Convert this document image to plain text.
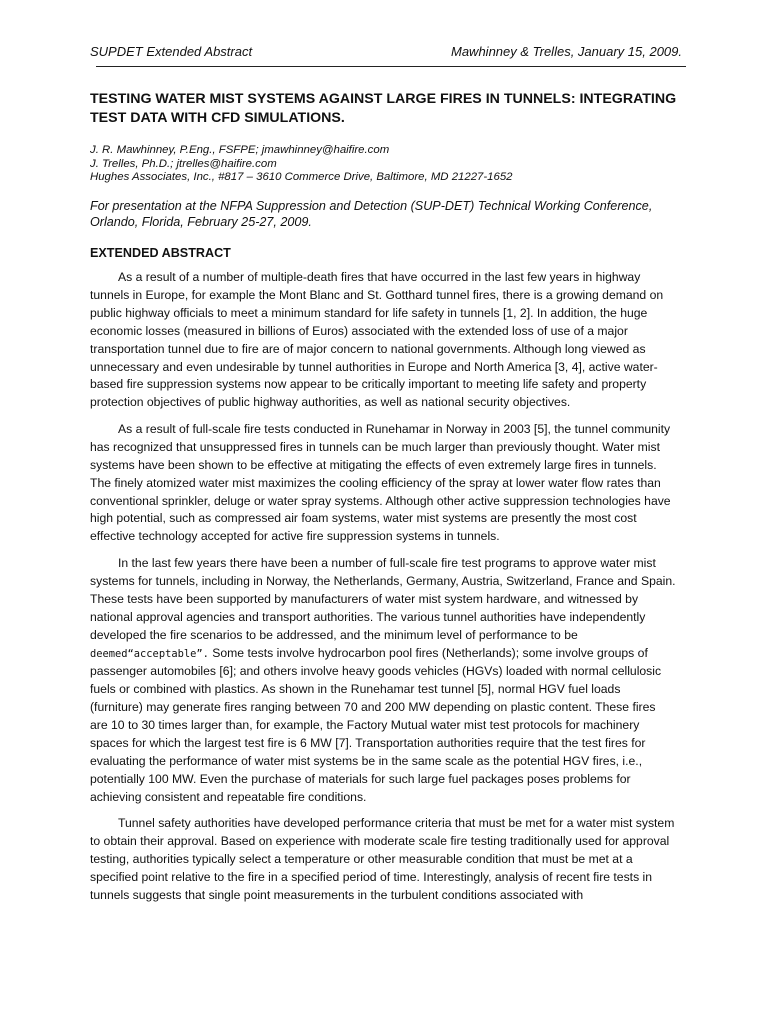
SUPDET Extended Abstract	Mawhinney & Trelles, January 15, 2009.
TESTING WATER MIST SYSTEMS AGAINST LARGE FIRES IN TUNNELS: INTEGRATING TEST DATA WITH CFD SIMULATIONS.
J. R. Mawhinney, P.Eng., FSFPE; jmawhinney@haifire.com
J. Trelles, Ph.D.; jtrelles@haifire.com
Hughes Associates, Inc., #817 – 3610 Commerce Drive, Baltimore, MD 21227-1652
For presentation at the NFPA Suppression and Detection (SUP-DET) Technical Working Conference, Orlando, Florida, February 25-27, 2009.
EXTENDED ABSTRACT

As a result of a number of multiple-death fires that have occurred in the last few years in highway tunnels in Europe, for example the Mont Blanc and St. Gotthard tunnel fires, there is a growing demand on public highway officials to meet a minimum standard for life safety in tunnels [1, 2]. In addition, the huge economic losses (measured in billions of Euros) associated with the extended loss of use of a major transportation tunnel due to fire are of major concern to national governments. Although long viewed as unnecessary and even undesirable by tunnel authorities in Europe and North America [3, 4], active water-based fire suppression systems now appear to be critically important to meeting life safety and property protection objectives of public highway authorities, as well as national security objectives.

As a result of full-scale fire tests conducted in Runehamar in Norway in 2003 [5], the tunnel community has recognized that unsuppressed fires in tunnels can be much larger than previously thought. Water mist systems have been shown to be effective at mitigating the effects of even extremely large fires in tunnels. The finely atomized water mist maximizes the cooling efficiency of the spray at lower water flow rates than conventional sprinkler, deluge or water spray systems. Although other active suppression technologies have high potential, such as compressed air foam systems, water mist systems are presently the most cost effective technology accepted for active fire suppression systems in tunnels.

In the last few years there have been a number of full-scale fire test programs to approve water mist systems for tunnels, including in Norway, the Netherlands, Germany, Austria, Switzerland, France and Spain. These tests have been supported by manufacturers of water mist system hardware, and witnessed by national approval agencies and transport authorities. The various tunnel authorities have independently developed the fire scenarios to be addressed, and the minimum level of performance to be deemed“acceptable”. Some tests involve hydrocarbon pool fires (Netherlands); some involve groups of passenger automobiles [6]; and others involve heavy goods vehicles (HGVs) loaded with normal cellulosic fuels or combined with plastics. As shown in the Runehamar test tunnel [5], normal HGV fuel loads (furniture) may generate fires ranging between 70 and 200 MW depending on plastic content. These fires are 10 to 30 times larger than, for example, the Factory Mutual water mist test protocols for machinery spaces for which the largest test fire is 6 MW [7]. Transportation authorities require that the test fires for evaluating the performance of water mist systems be in the same scale as the potential HGV fires, i.e., potentially 100 MW. Even the purchase of materials for such large fuel packages poses problems for achieving consistent and repeatable fire conditions.

Tunnel safety authorities have developed performance criteria that must be met for a water mist system to obtain their approval. Based on experience with moderate scale fire testing traditionally used for approval testing, authorities typically select a temperature or other measurable condition that must be met at a specified point relative to the fire in a specified period of time. Interestingly, analysis of recent fire tests in tunnels suggests that single point measurements in the turbulent conditions associated with
